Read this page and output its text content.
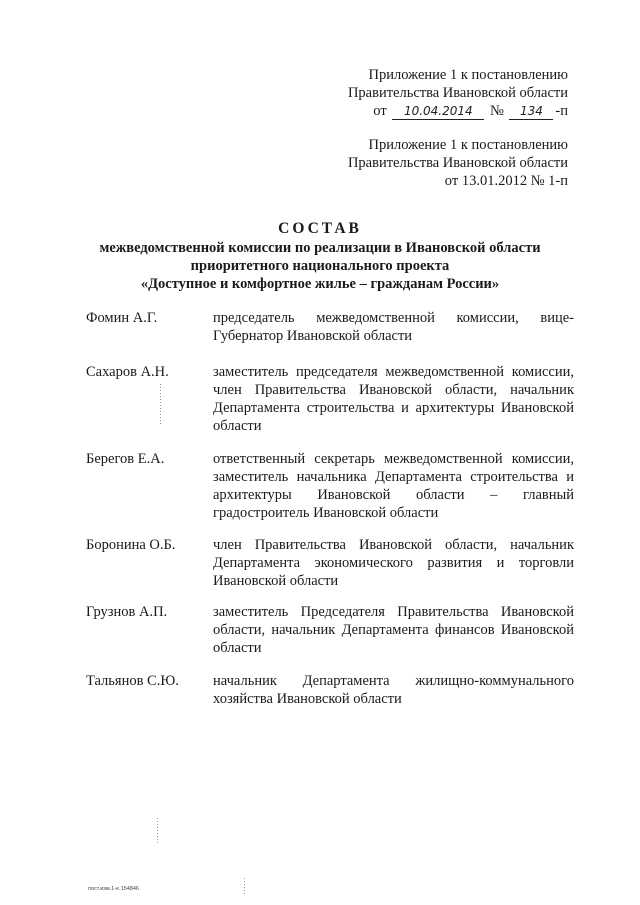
Приложение 1 к постановлению
Правительства Ивановской области
от 10.04.2014 № 134 -п
Приложение 1 к постановлению
Правительства Ивановской области
от 13.01.2012 № 1-п
СОСТАВ
межведомственной комиссии по реализации в Ивановской области
приоритетного национального проекта
«Доступное и комфортное жилье – гражданам России»
Фомин А.Г.	председатель межведомственной комиссии, вице-Губернатор Ивановской области
Сахаров А.Н.	заместитель председателя межведомственной комиссии, член Правительства Ивановской области, начальник Департамента строительства и архитектуры Ивановской области
Берегов Е.А.	ответственный секретарь межведомственной комиссии, заместитель начальника Департамента строительства и архитектуры Ивановской области – главный градостроитель Ивановской области
Боронина О.Б.	член Правительства Ивановской области, начальник Департамента экономического развития и торговли Ивановской области
Грузнов А.П.	заместитель Председателя Правительства Ивановской области, начальник Департамента финансов Ивановской области
Тальянов С.Ю.	начальник Департамента жилищно-коммунального хозяйства Ивановской области
пост.изм.1-е.154846
